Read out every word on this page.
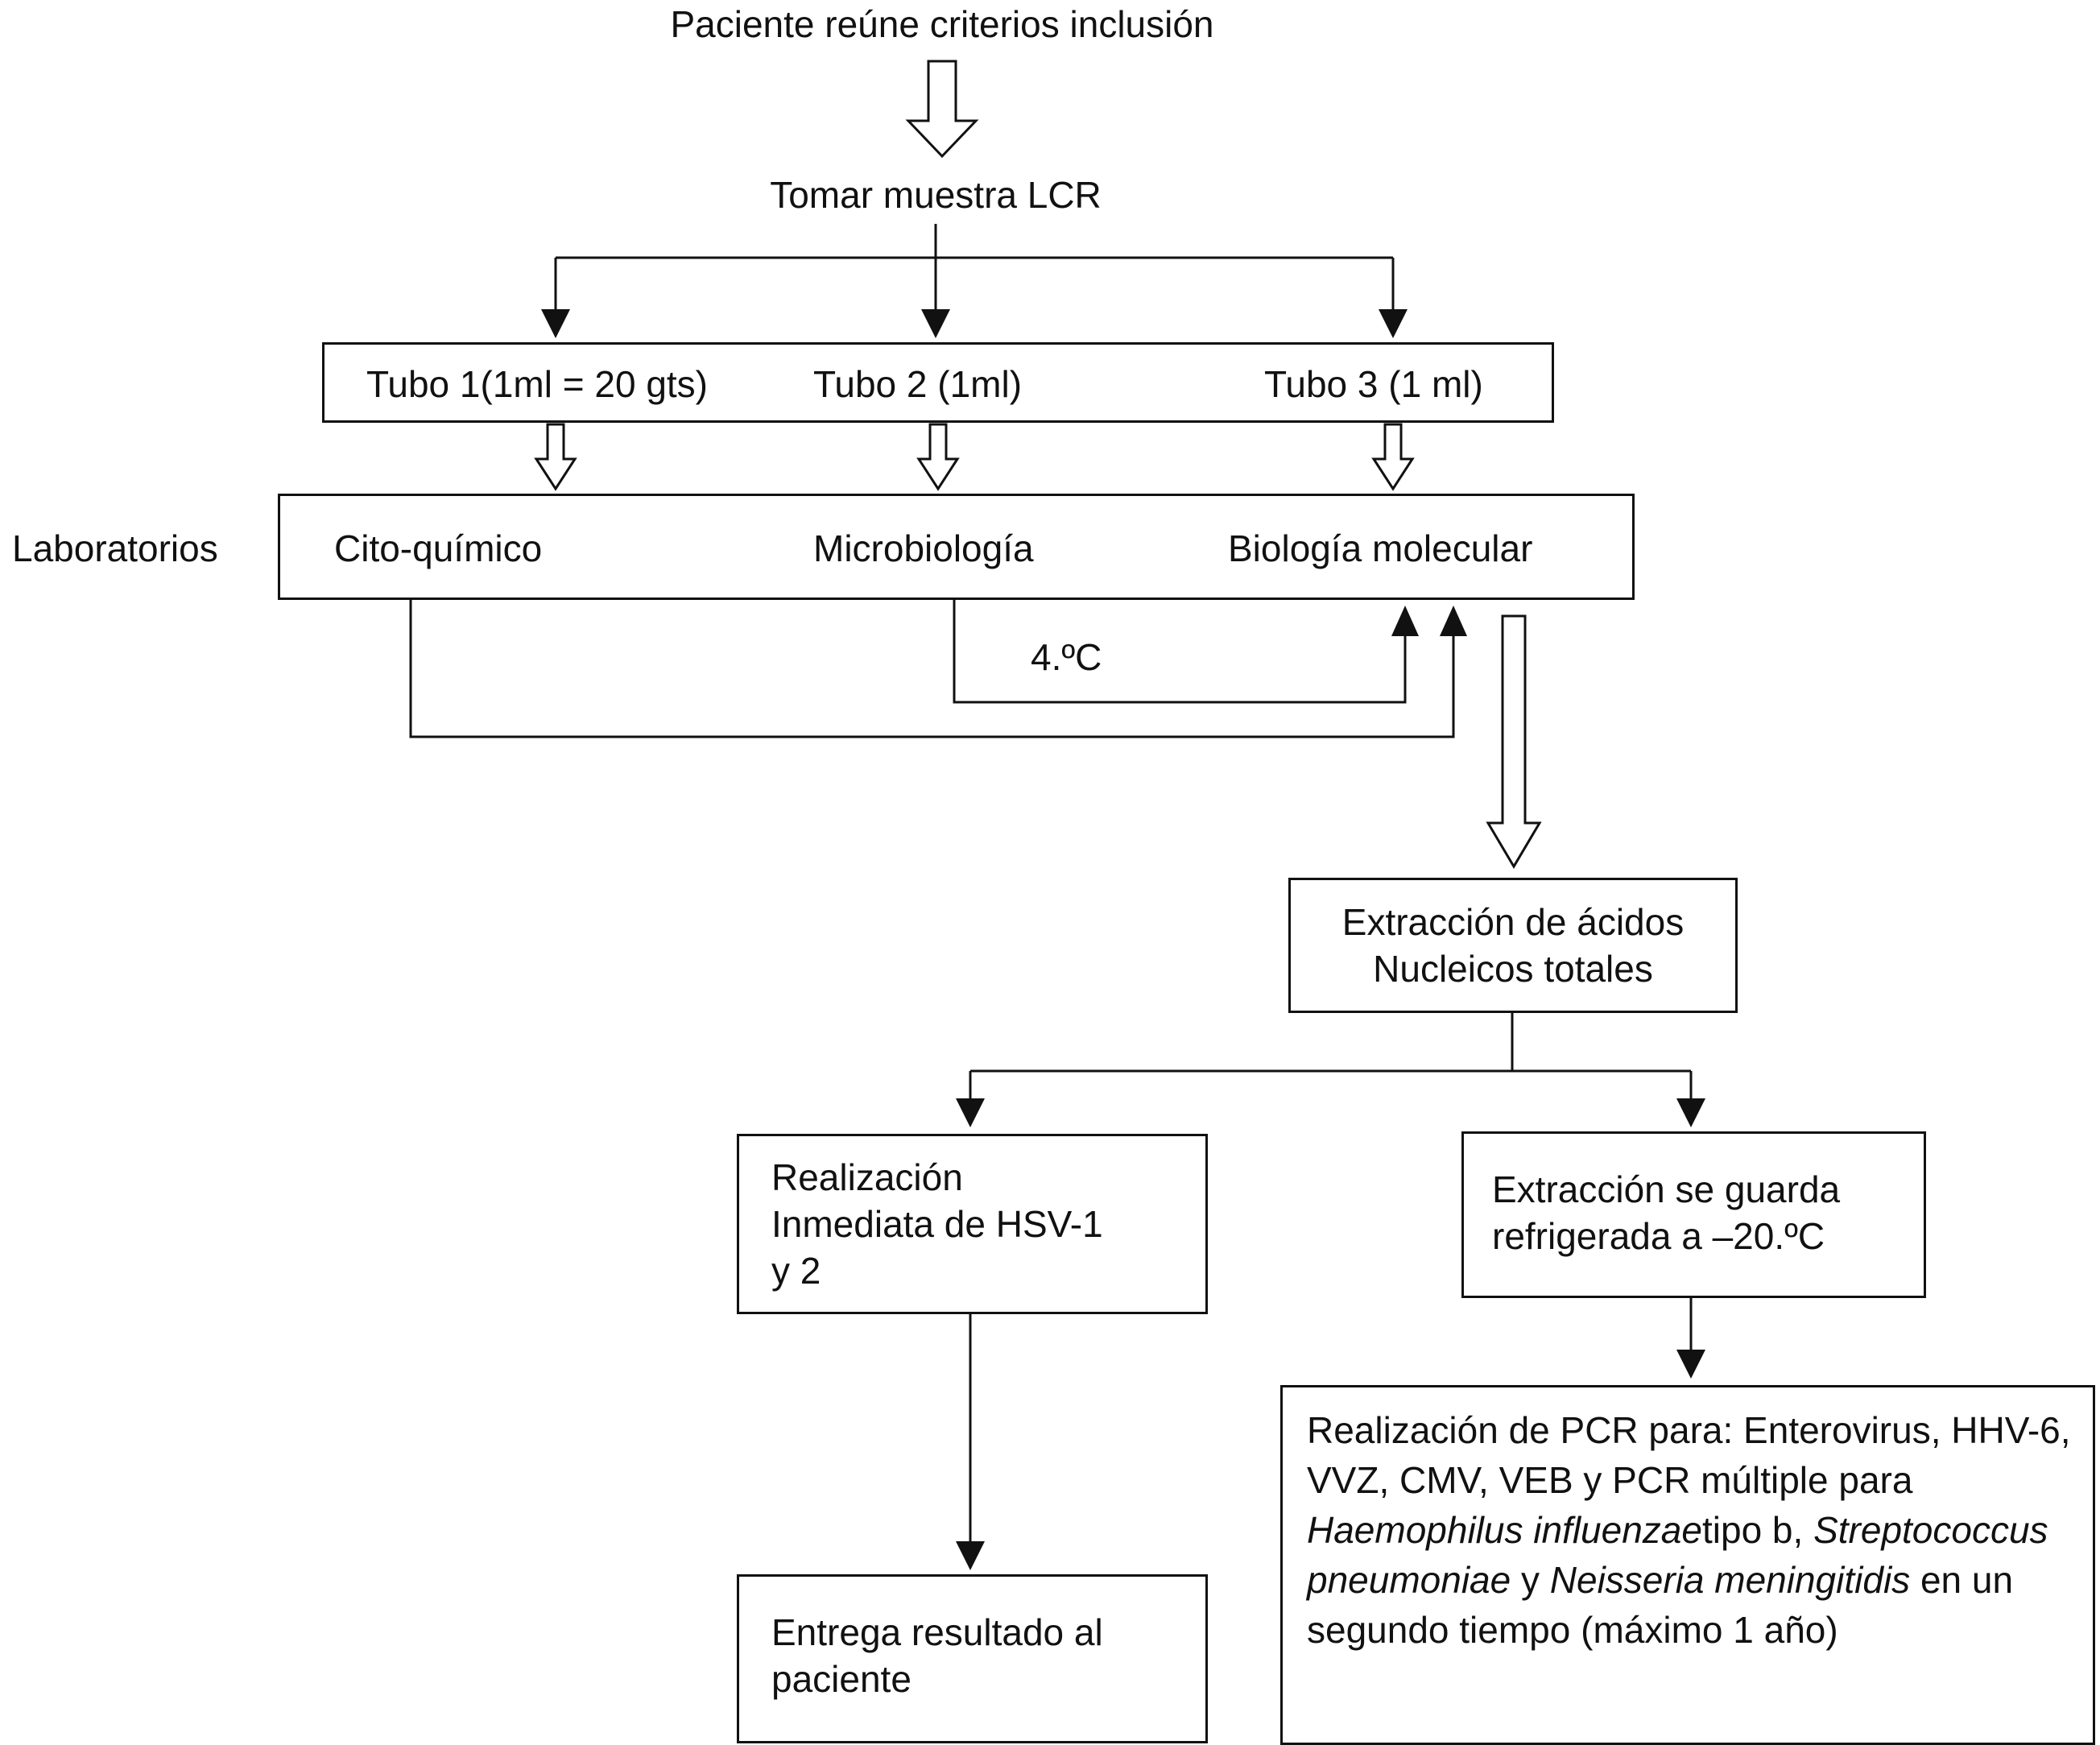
Paciente reúne criterios inclusión
Tomar muestra LCR
Tubo 1(1ml = 20 gts)	Tubo 2 (1ml)	Tubo 3 (1 ml)
Laboratorios	Cito-químico	Microbiología	Biología molecular
4.ºC
Extracción de ácidos
Nucleicos totales
Realización
Inmediata de HSV-1
y 2
Extracción se guarda
refrigerada a –20.ºC
Entrega resultado al
paciente
Realización de PCR para: Enterovirus, HHV-6, VVZ, CMV, VEB y PCR múltiple para Haemophilus influenzaetipo b, Streptococcus pneumoniae y Neisseria meningitidis en un segundo tiempo (máximo 1 año)
